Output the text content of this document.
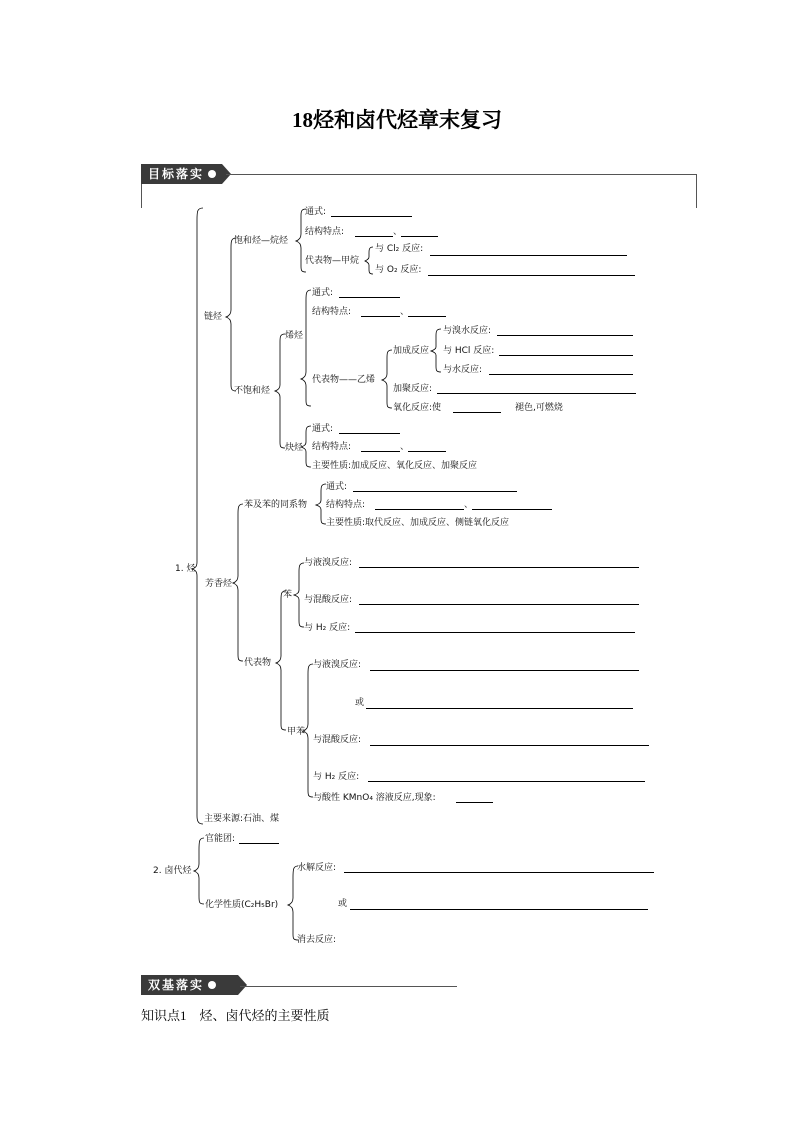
18烃和卤代烃章末复习
目标落实
1. 烃
链烃
饱和烃—烷烃
通式:
结构特点:	、
代表物—甲烷
与 Cl₂ 反应:
与 O₂ 反应:
不饱和烃
烯烃
通式:
结构特点:	、
代表物——乙烯
加成反应
与溴水反应:
与 HCl 反应:
与水反应:
加聚反应:
氧化反应:使	褪色,可燃烧
炔烃
通式:
结构特点:	、
主要性质:加成反应、氧化反应、加聚反应
芳香烃
苯及苯的同系物
通式:
结构特点:	、
主要性质:取代反应、加成反应、侧链氧化反应
代表物
苯
与液溴反应:
与混酸反应:
与 H₂ 反应:
甲苯
与液溴反应:
或
与混酸反应:
与 H₂ 反应:
与酸性 KMnO₄ 溶液反应,现象:
主要来源:石油、煤
2. 卤代烃
官能团:
化学性质(C₂H₅Br)
水解反应:
或
消去反应:
双基落实
知识点1　烃、卤代烃的主要性质
